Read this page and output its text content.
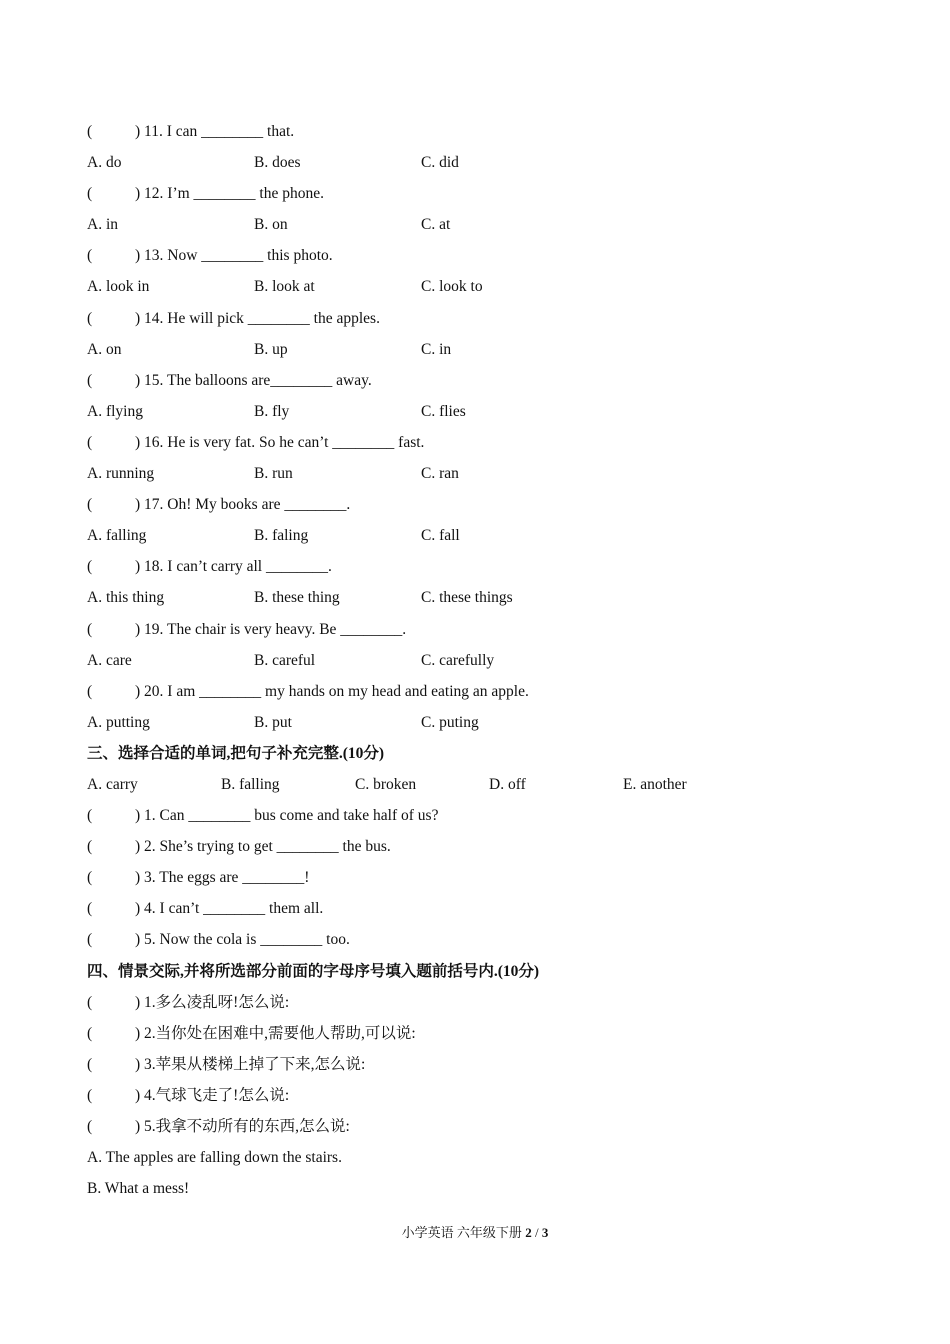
(	) 11. I can ________ that.
A. do	B. does	C. did
(	) 12. I’m ________ the phone.
A. in	B. on	C. at
(	) 13. Now ________ this photo.
A. look in	B. look at	C. look to
(	) 14. He will pick ________ the apples.
A. on	B. up	C. in
(	) 15. The balloons are________ away.
A. flying	B. fly	C. flies
(	) 16. He is very fat. So he can’t ________ fast.
A. running	B. run	C. ran
(	) 17. Oh! My books are ________.
A. falling	B. faling	C. fall
(	) 18. I can’t carry all ________.
A. this thing	B. these thing	C. these things
(	) 19. The chair is very heavy. Be ________.
A. care	B. careful	C. carefully
(	) 20. I am ________ my hands on my head and eating an apple.
A. putting	B. put	C. puting
三、选择合适的单词,把句子补充完整.(10分)
A. carry	B. falling	C. broken	D. off	E. another
(	) 1. Can ________ bus come and take half of us?
(	) 2. She’s trying to get ________ the bus.
(	) 3. The eggs are ________!
(	) 4. I can’t ________ them all.
(	) 5. Now the cola is ________ too.
四、情景交际,并将所选部分前面的字母序号填入题前括号内.(10分)
(	) 1.多么凌乱呀!怎么说:
(	) 2.当你处在困难中,需要他人帮助,可以说:
(	) 3.苹果从楼梯上掉了下来,怎么说:
(	) 4.气球飞走了!怎么说:
(	) 5.我拿不动所有的东西,怎么说:
A. The apples are falling down the stairs.
B. What a mess!
小学英语 六年级下册 2 / 3
